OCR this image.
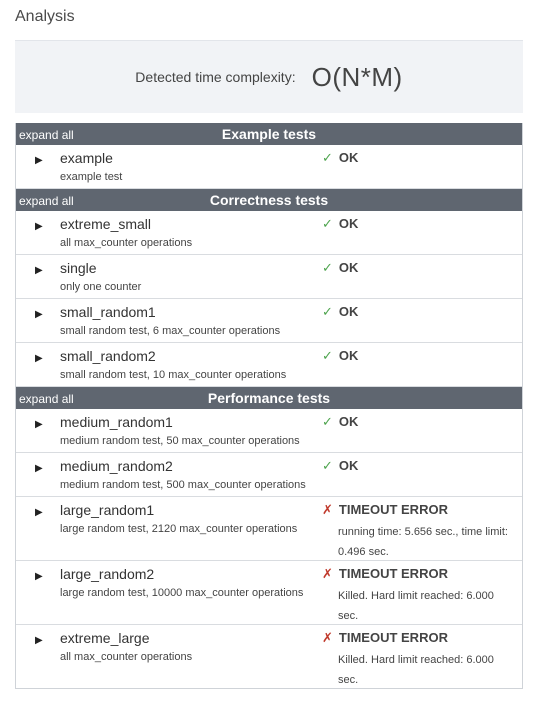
Analysis
Detected time complexity: O(N*M)
expand all	Example tests
▶ example
example test
✓ OK
expand all	Correctness tests
▶ extreme_small
all max_counter operations
✓ OK
▶ single
only one counter
✓ OK
▶ small_random1
small random test, 6 max_counter operations
✓ OK
▶ small_random2
small random test, 10 max_counter operations
✓ OK
expand all	Performance tests
▶ medium_random1
medium random test, 50 max_counter operations
✓ OK
▶ medium_random2
medium random test, 500 max_counter operations
✓ OK
▶ large_random1
large random test, 2120 max_counter operations
✗ TIMEOUT ERROR
running time: 5.656 sec., time limit: 0.496 sec.
▶ large_random2
large random test, 10000 max_counter operations
✗ TIMEOUT ERROR
Killed. Hard limit reached: 6.000 sec.
▶ extreme_large
all max_counter operations
✗ TIMEOUT ERROR
Killed. Hard limit reached: 6.000 sec.
